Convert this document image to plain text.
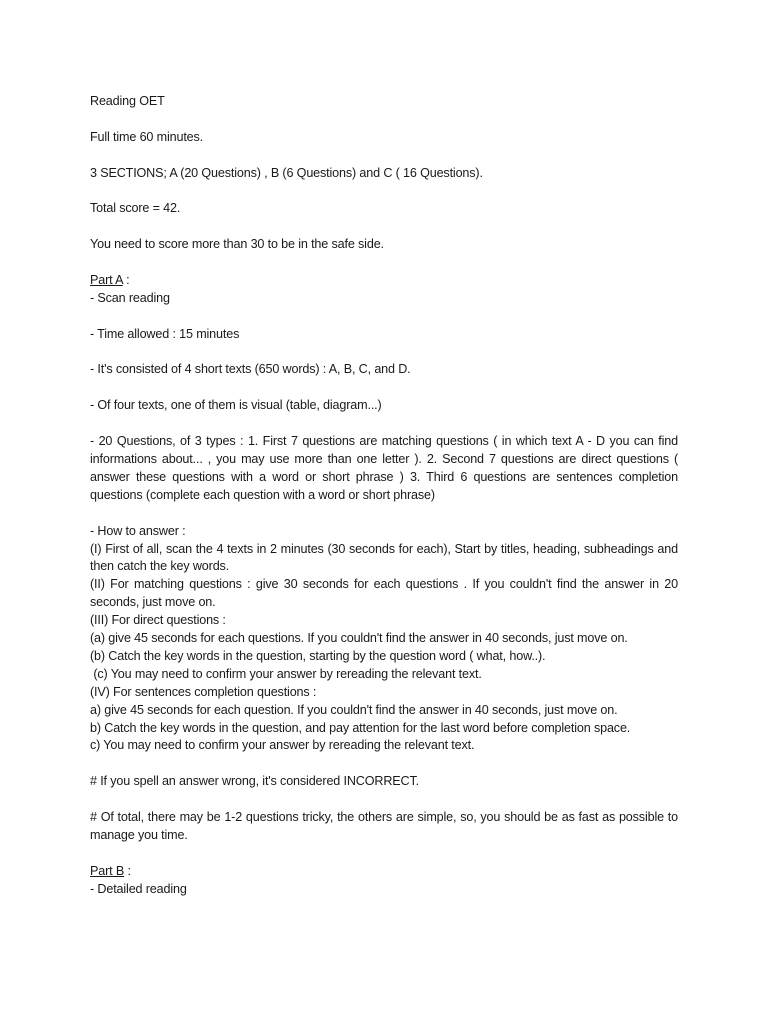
Reading OET

Full time 60 minutes.

3 SECTIONS; A (20 Questions) , B (6 Questions) and C ( 16 Questions).

Total score = 42.

You need to score more than 30 to be in the safe side.

Part A :

- Scan reading

- Time allowed : 15 minutes

- It's consisted of 4 short texts (650 words) : A, B, C, and D.

- Of four texts, one of them is visual (table, diagram...)

- 20 Questions, of 3 types : 1. First 7 questions are matching questions ( in which text A - D you can find informations about... , you may use more than one letter ). 2. Second 7 questions are direct questions ( answer these questions with a word or short phrase ) 3. Third 6 questions are sentences completion questions (complete each question with a word or short phrase)

- How to answer :

(I) First of all, scan the 4 texts in 2 minutes (30 seconds for each), Start by titles, heading, subheadings and then catch the key words.

(II) For matching questions : give 30 seconds for each questions . If you couldn't find the answer in 20 seconds, just move on.

(III) For direct questions :

(a) give 45 seconds for each questions. If you couldn't find the answer in 40 seconds, just move on.

(b) Catch the key words in the question, starting by the question word ( what, how..).

(c) You may need to confirm your answer by rereading the relevant text.

(IV) For sentences completion questions :

a) give 45 seconds for each question. If you couldn't find the answer in 40 seconds, just move on.

b) Catch the key words in the question, and pay attention for the last word before completion space.

c) You may need to confirm your answer by rereading the relevant text.

# If you spell an answer wrong, it's considered INCORRECT.

# Of total, there may be 1-2 questions tricky, the others are simple, so, you should be as fast as possible to manage you time.

Part B :

- Detailed reading
